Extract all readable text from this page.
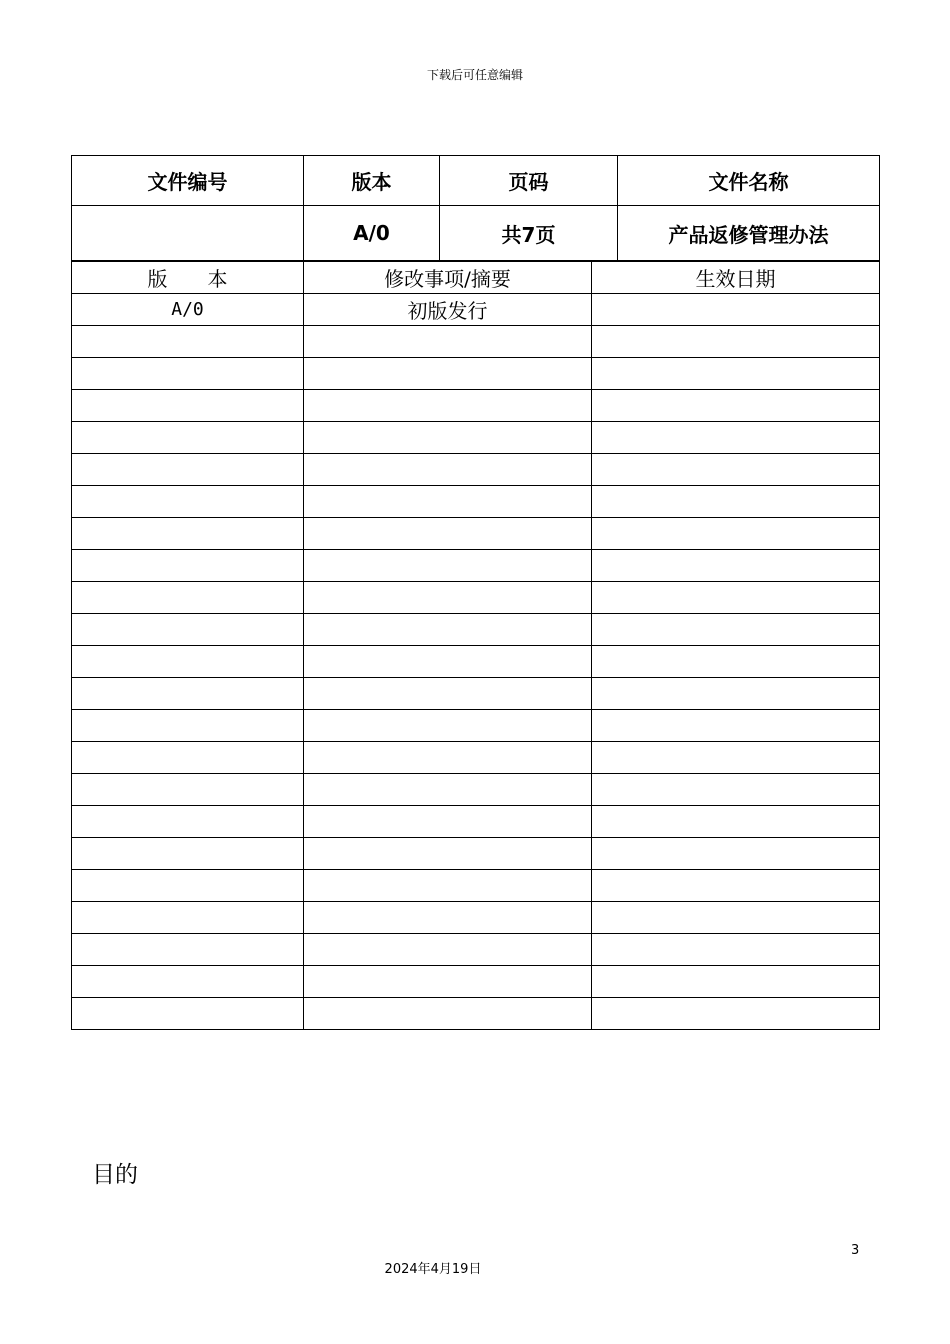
下载后可任意编辑
文件编号	版本	页码	文件名称
	A/0	共7页	产品返修管理办法
版　　本	修改事项/摘要	生效日期
A/0	初版发行	

目的
3
2024年4月19日
